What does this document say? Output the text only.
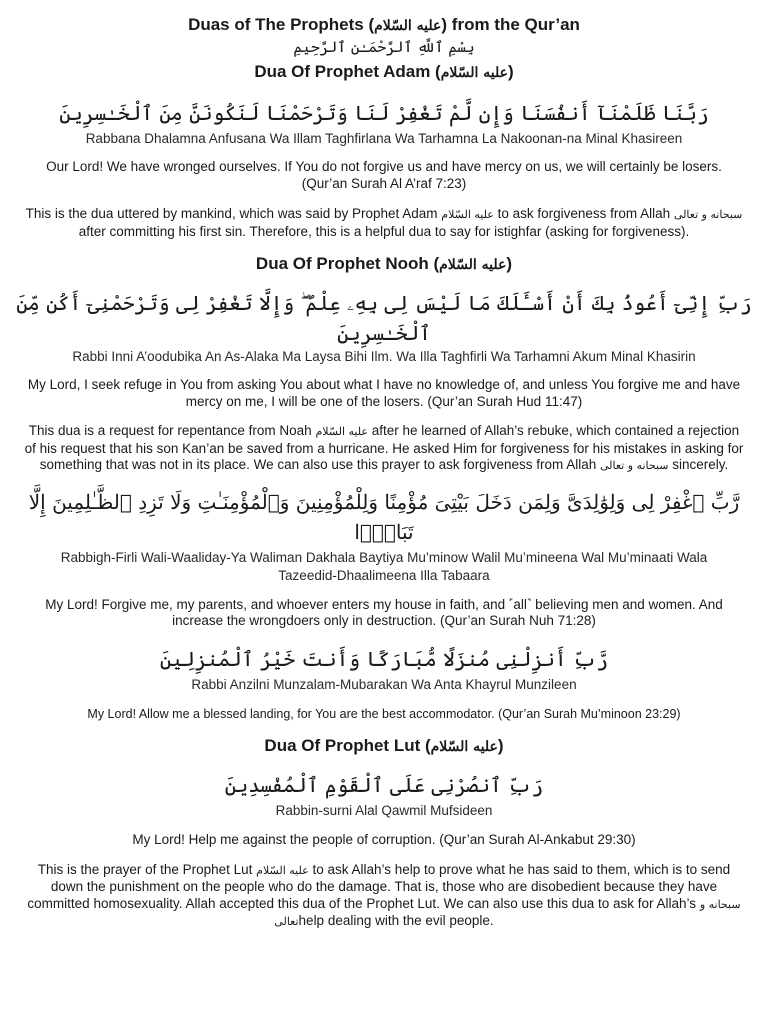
Duas of The Prophets (عليه السّلام) from the Qur’an
بِسْمِ ٱللَّهِ ٱلرَّحْمَـٰنِ ٱلرَّحِيمِ
Dua Of Prophet Adam (عليه السّلام)
رَبَّنَا ظَلَمْنَآ أَنفُسَنَا وَإِن لَّمْ تَغْفِرْ لَنَا وَتَرْحَمْنَا لَنَكُونَنَّ مِنَ ٱلْخَـٰسِرِينَ
Rabbana Dhalamna Anfusana Wa Illam Taghfirlana Wa Tarhamna La Nakoonan-na Minal Khasireen
Our Lord! We have wronged ourselves. If You do not forgive us and have mercy on us, we will certainly be losers. (Qur’an Surah Al A’raf 7:23)
This is the dua uttered by mankind, which was said by Prophet Adam عليه السّلام to ask forgiveness from Allah سبحانه و تعالى after committing his first sin. Therefore, this is a helpful dua to say for istighfar (asking for forgiveness).
Dua Of Prophet Nooh (عليه السّلام)
رَبِّ إِنِّىٓ أَعُوذُ بِكَ أَنْ أَسْـَٔلَكَ مَا لَيْسَ لِى بِهِۦ عِلْمٌ ۖ وَإِلَّا تَغْفِرْ لِى وَتَرْحَمْنِىٓ أَكُن مِّنَ ٱلْخَـٰسِرِينَ
Rabbi Inni A’oodubika An As-Alaka Ma Laysa Bihi Ilm. Wa Illa Taghfirli Wa Tarhamni Akum Minal Khasirin
My Lord, I seek refuge in You from asking You about what I have no knowledge of, and unless You forgive me and have mercy on me, I will be one of the losers. (Qur’an Surah Hud 11:47)
This dua is a request for repentance from Noah عليه السّلام after he learned of Allah’s rebuke, which contained a rejection of his request that his son Kan’an be saved from a hurricane. He asked Him for forgiveness for his mistakes in asking for something that was not in its place. We can also use this prayer to ask forgiveness from Allah سبحانه و تعالى sincerely.
رَّبِّ ٱغْفِرْ لِى وَلِوَٰلِدَىَّ وَلِمَن دَخَلَ بَيْتِىَ مُؤْمِنًا وَلِلْمُؤْمِنِينَ وَٱلْمُؤْمِنَـٰتِ وَلَا تَزِدِ ٱلظَّـٰلِمِينَ إِلَّا تَبَارًۢا
Rabbigh-Firli Wali-Waaliday-Ya Waliman Dakhala Baytiya Mu’minow Walil Mu’mineena Wal Mu’minaati Wala Tazeedid-Dhaalimeena Illa Tabaara
My Lord! Forgive me, my parents, and whoever enters my house in faith, and ˹all˺ believing men and women. And increase the wrongdoers only in destruction. (Qur’an Surah Nuh 71:28)
رَّبِّ أَنزِلْنِى مُنزَلًا مُّبَارَكًا وَأَنتَ خَيْرُ ٱلْمُنزِلِينَ
Rabbi Anzilni Munzalam-Mubarakan Wa Anta Khayrul Munzileen
My Lord! Allow me a blessed landing, for You are the best accommodator. (Qur’an Surah Mu’minoon 23:29)
Dua Of Prophet Lut (عليه السّلام)
رَبِّ ٱنصُرْنِى عَلَى ٱلْقَوْمِ ٱلْمُفْسِدِينَ
Rabbin-surni Alal Qawmil Mufsideen
My Lord! Help me against the people of corruption. (Qur’an Surah Al-Ankabut 29:30)
This is the prayer of the Prophet Lut عليه السّلام to ask Allah’s help to prove what he has said to them, which is to send down the punishment on the people who do the damage. That is, those who are disobedient because they have committed homosexuality. Allah accepted this dua of the Prophet Lut. We can also use this dua to ask for Allah’s سبحانه و تعالىhelp dealing with the evil people.
